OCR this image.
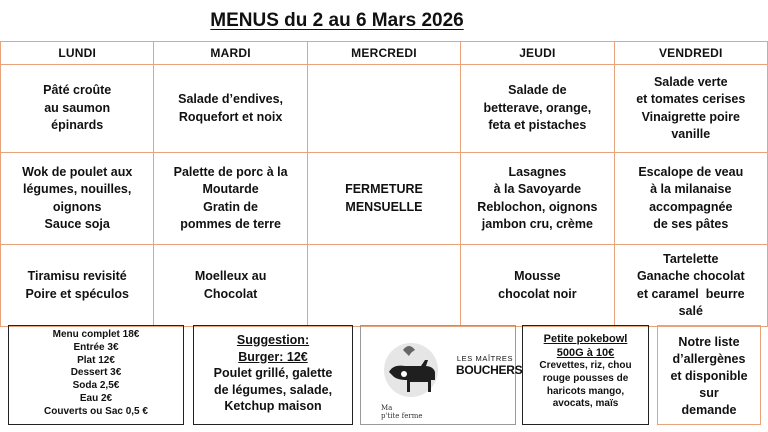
MENUS du 2 au 6 Mars 2026
LUNDI	MARDI	MERCREDI	JEUDI	VENDREDI

Pâté croûte
au saumon
épinards	Salade d’endives,
Roquefort et noix		Salade de
betterave, orange,
feta et pistaches	Salade verte
et tomates cerises
Vinaigrette poire
vanille

Wok de poulet aux
légumes, nouilles,
oignons
Sauce soja	Palette de porc à la
Moutarde
Gratin de
pommes de terre	FERMETURE
MENSUELLE	Lasagnes
à la Savoyarde
Reblochon, oignons
jambon cru, crème	Escalope de veau
à la milanaise
accompagnée
de ses pâtes

Tiramisu revisité
Poire et spéculos	Moelleux au
Chocolat		Mousse
chocolat noir	Tartelette
Ganache chocolat
et caramel  beurre
salé
Menu complet 18€
Entrée 3€
Plat 12€
Dessert 3€
Soda 2,5€
Eau 2€
Couverts ou Sac 0,5 €
Suggestion:
Burger: 12€
Poulet grillé, galette
de légumes, salade,
Ketchup maison	Ma
p'tite ferme
LES MAÎTRES
BOUCHERS
Petite pokebowl
500G à 10€
Crevettes, riz, chou
rouge pousses de
haricots mango,
avocats, maïs
Notre liste
d’allergènes
et disponible
sur
demande
